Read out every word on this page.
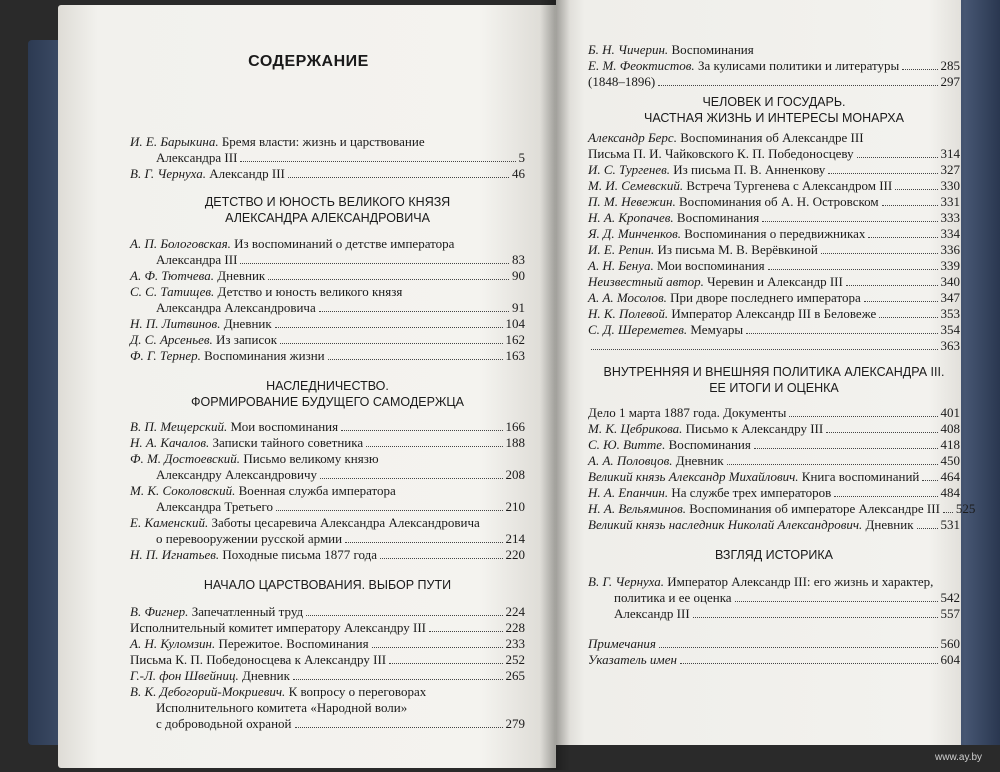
СОДЕРЖАНИЕ
И. Е. Барыкина. Бремя власти: жизнь и царствование
Александра III	5
В. Г. Чернуха. Александр III	46
ДЕТСТВО И ЮНОСТЬ ВЕЛИКОГО КНЯЗЯ
АЛЕКСАНДРА АЛЕКСАНДРОВИЧА
А. П. Бологовская. Из воспоминаний о детстве императора
Александра III	83
А. Ф. Тютчева. Дневник	90
С. С. Татищев. Детство и юность великого князя
Александра Александровича	91
Н. П. Литвинов. Дневник	104
Д. С. Арсеньев. Из записок	162
Ф. Г. Тернер. Воспоминания жизни	163
НАСЛЕДНИЧЕСТВО.
ФОРМИРОВАНИЕ БУДУЩЕГО САМОДЕРЖЦА
В. П. Мещерский. Мои воспоминания	166
Н. А. Качалов. Записки тайного советника	188
Ф. М. Достоевский. Письмо великому князю
Александру Александровичу	208
М. К. Соколовский. Военная служба императора
Александра Третьего	210
Е. Каменский. Заботы цесаревича Александра Александровича
о перевооружении русской армии	214
Н. П. Игнатьев. Походные письма 1877 года	220
НАЧАЛО ЦАРСТВОВАНИЯ. ВЫБОР ПУТИ
В. Фигнер. Запечатленный труд	224
Исполнительный комитет императору Александру III	228
А. Н. Куломзин. Пережитое. Воспоминания	233
Письма К. П. Победоносцева к Александру III	252
Г.-Л. фон Швейниц. Дневник	265
В. К. Дебогорий-Мокриевич. К вопросу о переговорах
Исполнительного комитета «Народной воли»
с доброводьной охраной	279
Б. Н. Чичерин. Воспоминания
Е. М. Феоктистов. За кулисами политики и литературы	285
(1848–1896)	297
ЧЕЛОВЕК И ГОСУДАРЬ.
ЧАСТНАЯ ЖИЗНЬ И ИНТЕРЕСЫ МОНАРХА
Александр Берс. Воспоминания об Александре III
Письма П. И. Чайковского К. П. Победоносцеву	314
И. С. Тургенев. Из письма П. В. Анненкову	327
М. И. Семевский. Встреча Тургенева с Александром III	330
П. М. Невежин. Воспоминания об А. Н. Островском	331
Н. А. Кропачев. Воспоминания	333
Я. Д. Минченков. Воспоминания о передвижниках	334
И. Е. Репин. Из письма М. В. Верёвкиной	336
А. Н. Бенуа. Мои воспоминания	339
Неизвестный автор. Черевин и Александр III	340
А. А. Мосолов. При дворе последнего императора	347
Н. К. Полевой. Император Александр III в Беловеже	353
С. Д. Шереметев. Мемуары	354
363
ВНУТРЕННЯЯ И ВНЕШНЯЯ ПОЛИТИКА АЛЕКСАНДРА III.
ЕЕ ИТОГИ И ОЦЕНКА
Дело 1 марта 1887 года. Документы	401
М. К. Цебрикова. Письмо к Александру III	408
С. Ю. Витте. Воспоминания	418
А. А. Половцов. Дневник	450
Великий князь Александр Михайлович. Книга воспоминаний 464
Н. А. Епанчин. На службе трех императоров	484
Н. А. Вельяминов. Воспоминания об императоре Александре III 525
Великий князь наследник Николай Александрович. Дневник 531
ВЗГЛЯД ИСТОРИКА
В. Г. Чернуха. Император Александр III: его жизнь и характер,
политика и ее оценка	542
Александр III	557
Примечания	560
Указатель имен	604
www.ay.by
